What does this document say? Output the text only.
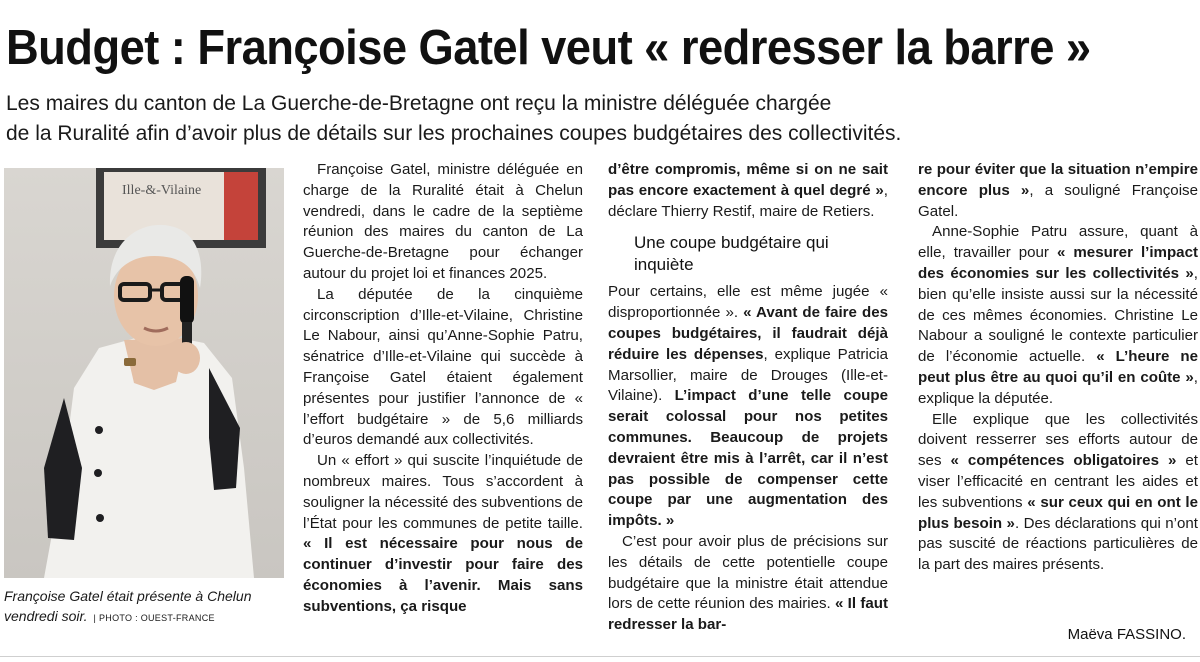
Budget : Françoise Gatel veut « redresser la barre »
Les maires du canton de La Guerche-de-Bretagne ont reçu la ministre déléguée chargée
de la Ruralité afin d’avoir plus de détails sur les prochaines coupes budgétaires des collectivités.
Ille-&-Vilaine
Françoise Gatel était présente à Chelun vendredi soir. | PHOTO : OUEST-FRANCE

Françoise Gatel, ministre déléguée en charge de la Ruralité était à Chelun vendredi, dans le cadre de la septième réunion des maires du canton de La Guerche-de-Bretagne pour échanger autour du projet loi et finances 2025.

La députée de la cinquième circonscription d’Ille-et-Vilaine, Christine Le Nabour, ainsi qu’Anne-Sophie Patru, sénatrice d’Ille-et-Vilaine qui succède à Françoise Gatel étaient également présentes pour justifier l’annonce de « l’effort budgétaire » de 5,6 milliards d’euros demandé aux collectivités.

Un « effort » qui suscite l’inquiétude de nombreux maires. Tous s’accordent à souligner la nécessité des subventions de l’État pour les communes de petite taille. « Il est nécessaire pour nous de continuer d’investir pour faire des économies à l’avenir. Mais sans subventions, ça risque

d’être compromis, même si on ne sait pas encore exactement à quel degré », déclare Thierry Restif, maire de Retiers.

Une coupe budgétaire qui inquiète

Pour certains, elle est même jugée « disproportionnée ». « Avant de faire des coupes budgétaires, il faudrait déjà réduire les dépenses, explique Patricia Marsollier, maire de Drouges (Ille-et-Vilaine). L’impact d’une telle coupe serait colossal pour nos petites communes. Beaucoup de projets devraient être mis à l’arrêt, car il n’est pas possible de compenser cette coupe par une augmentation des impôts. »

C’est pour avoir plus de précisions sur les détails de cette potentielle coupe budgétaire que la ministre était attendue lors de cette réunion des mairies. « Il faut redresser la bar-

re pour éviter que la situation n’empire encore plus », a souligné Françoise Gatel.

Anne-Sophie Patru assure, quant à elle, travailler pour « mesurer l’impact des économies sur les collectivités », bien qu’elle insiste aussi sur la nécessité de ces mêmes économies. Christine Le Nabour a souligné le contexte particulier de l’économie actuelle. « L’heure ne peut plus être au quoi qu’il en coûte », explique la députée.

Elle explique que les collectivités doivent resserrer ses efforts autour de ses « compétences obligatoires » et viser l’efficacité en centrant les aides et les subventions « sur ceux qui en ont le plus besoin ». Des déclarations qui n’ont pas suscité de réactions particulières de la part des maires présents.

Maëva FASSINO.
